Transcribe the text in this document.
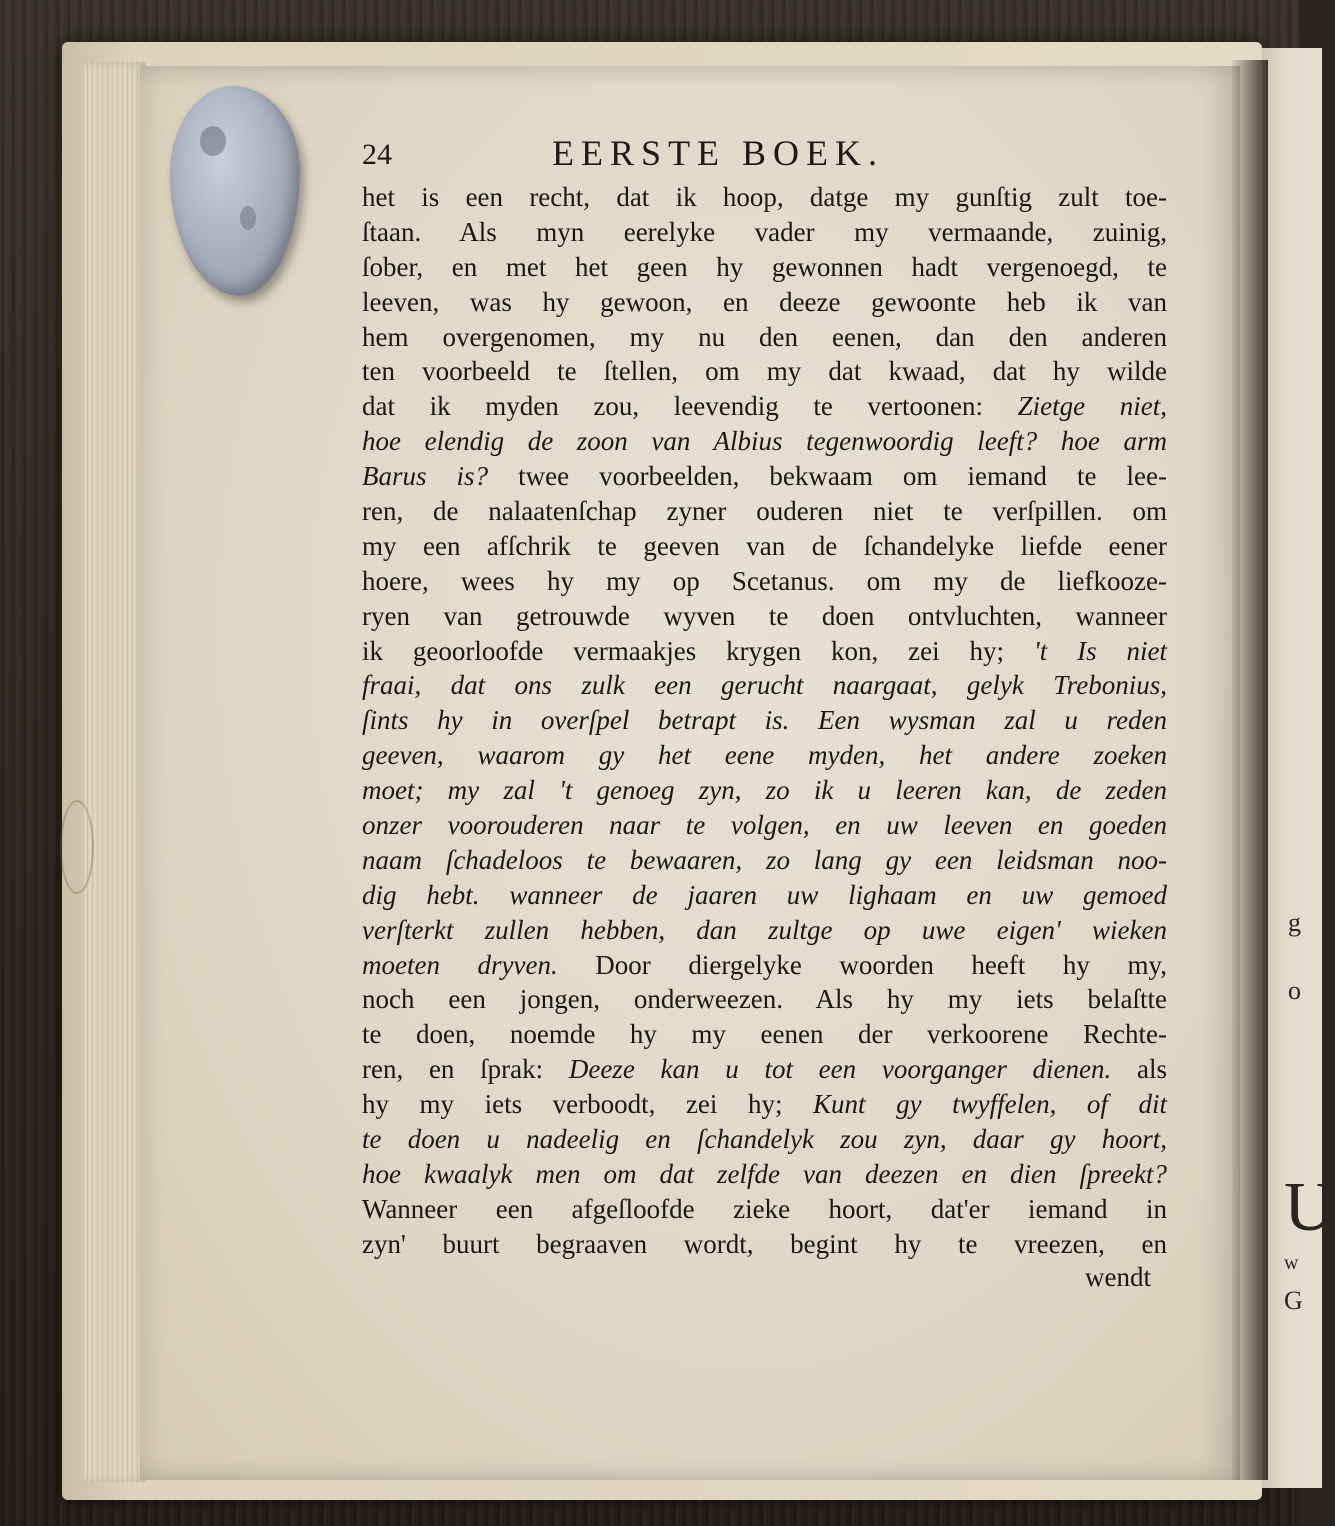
g
o
U
w
G
24	EERSTE BOEK.
het is een recht, dat ik hoop, datge my gunſtig zult toe-
ſtaan. Als myn eerelyke vader my vermaande, zuinig,
ſober, en met het geen hy gewonnen hadt vergenoegd, te
leeven, was hy gewoon, en deeze gewoonte heb ik van
hem overgenomen, my nu den eenen, dan den anderen
ten voorbeeld te ſtellen, om my dat kwaad, dat hy wilde
dat ik myden zou, leevendig te vertoonen: Zietge niet,
hoe elendig de zoon van Albius tegenwoordig leeft? hoe arm
Barus is? twee voorbeelden, bekwaam om iemand te lee-
ren, de nalaatenſchap zyner ouderen niet te verſpillen. om
my een afſchrik te geeven van de ſchandelyke liefde eener
hoere, wees hy my op Scetanus. om my de liefkooze-
ryen van getrouwde wyven te doen ontvluchten, wanneer
ik geoorloofde vermaakjes krygen kon, zei hy; 't Is niet
fraai, dat ons zulk een gerucht naargaat, gelyk Trebonius,
ſints hy in overſpel betrapt is. Een wysman zal u reden
geeven, waarom gy het eene myden, het andere zoeken
moet; my zal 't genoeg zyn, zo ik u leeren kan, de zeden
onzer voorouderen naar te volgen, en uw leeven en goeden
naam ſchadeloos te bewaaren, zo lang gy een leidsman noo-
dig hebt. wanneer de jaaren uw lighaam en uw gemoed
verſterkt zullen hebben, dan zultge op uwe eigen' wieken
moeten dryven. Door diergelyke woorden heeft hy my,
noch een jongen, onderweezen. Als hy my iets belaſtte
te doen, noemde hy my eenen der verkoorene Rechte-
ren, en ſprak: Deeze kan u tot een voorganger dienen. als
hy my iets verboodt, zei hy; Kunt gy twyffelen, of dit
te doen u nadeelig en ſchandelyk zou zyn, daar gy hoort,
hoe kwaalyk men om dat zelfde van deezen en dien ſpreekt?
Wanneer een afgeſloofde zieke hoort, dat'er iemand in
zyn' buurt begraaven wordt, begint hy te vreezen, en
wendt
